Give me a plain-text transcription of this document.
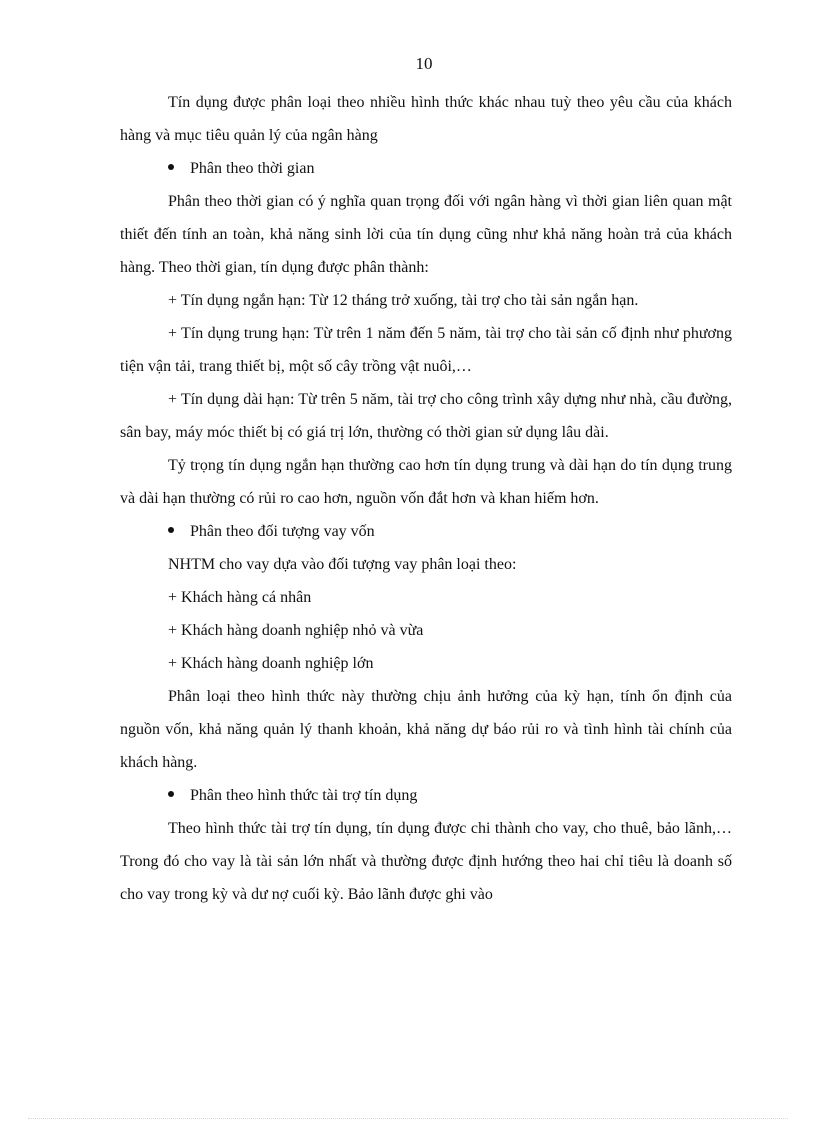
10

Tín dụng được phân loại theo nhiều hình thức khác nhau tuỳ theo yêu cầu của khách hàng và mục tiêu quản lý của ngân hàng

Phân theo thời gian

Phân theo thời gian có ý nghĩa quan trọng đối với ngân hàng vì thời gian liên quan mật thiết đến tính an toàn, khả năng sinh lời của tín dụng cũng như khả năng hoàn trả của khách hàng. Theo thời gian, tín dụng được phân thành:

+ Tín dụng ngắn hạn: Từ 12 tháng trở xuống, tài trợ cho tài sản ngắn hạn.

+ Tín dụng trung hạn: Từ trên 1 năm đến 5 năm, tài trợ cho tài sản cố định như phương tiện vận tải, trang thiết bị, một số cây trồng vật nuôi,…

+ Tín dụng dài hạn: Từ trên 5 năm, tài trợ cho công trình xây dựng như nhà, cầu đường, sân bay, máy móc thiết bị có giá trị lớn, thường có thời gian sử dụng lâu dài.

Tỷ trọng tín dụng ngắn hạn thường cao hơn tín dụng trung và dài hạn do tín dụng trung và dài hạn thường có rủi ro cao hơn, nguồn vốn đắt hơn và khan hiếm hơn.

Phân theo đối tượng vay vốn

NHTM cho vay dựa vào đối tượng vay phân loại theo:

+ Khách hàng cá nhân

+ Khách hàng doanh nghiệp nhỏ và vừa

+ Khách hàng doanh nghiệp lớn

Phân loại theo hình thức này thường chịu ảnh hưởng của kỳ hạn, tính ổn định của nguồn vốn, khả năng quản lý thanh khoản, khả năng dự báo rủi ro và tình hình tài chính của khách hàng.

Phân theo hình thức tài trợ tín dụng

Theo hình thức tài trợ tín dụng, tín dụng được chi thành cho vay, cho thuê, bảo lãnh,… Trong đó cho vay là tài sản lớn nhất và thường được định hướng theo hai chỉ tiêu là doanh số cho vay trong kỳ và dư nợ cuối kỳ. Bảo lãnh được ghi vào
